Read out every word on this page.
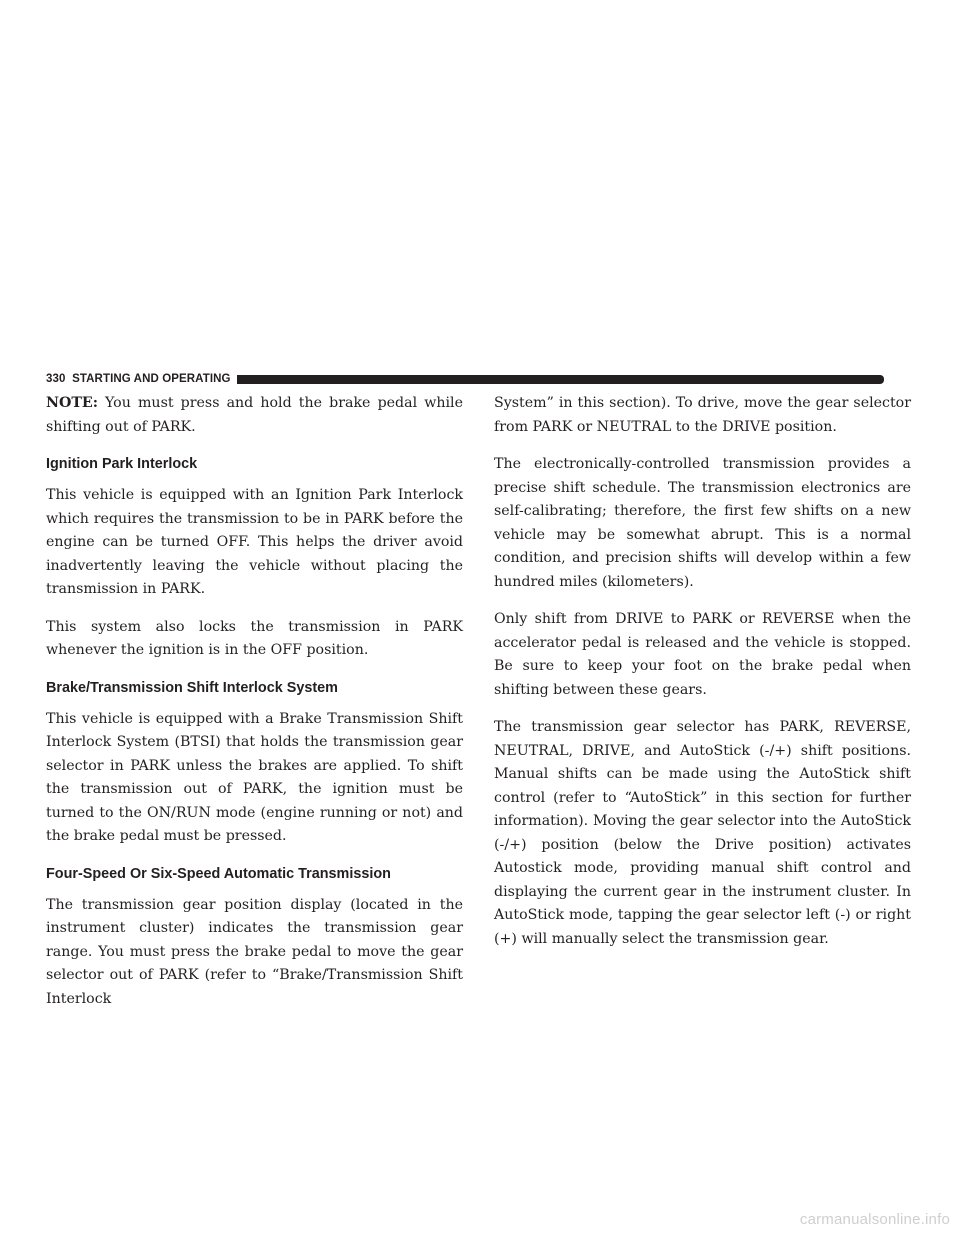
330 STARTING AND OPERATING

NOTE: You must press and hold the brake pedal while shifting out of PARK.

Ignition Park Interlock

This vehicle is equipped with an Ignition Park Interlock which requires the transmission to be in PARK before the engine can be turned OFF. This helps the driver avoid inadvertently leaving the vehicle without placing the transmission in PARK.

This system also locks the transmission in PARK whenever the ignition is in the OFF position.

Brake/Transmission Shift Interlock System

This vehicle is equipped with a Brake Transmission Shift Interlock System (BTSI) that holds the transmission gear selector in PARK unless the brakes are applied. To shift the transmission out of PARK, the ignition must be turned to the ON/RUN mode (engine running or not) and the brake pedal must be pressed.

Four-Speed Or Six-Speed Automatic Transmission

The transmission gear position display (located in the instrument cluster) indicates the transmission gear range. You must press the brake pedal to move the gear selector out of PARK (refer to “Brake/Transmission Shift Interlock

System” in this section). To drive, move the gear selector from PARK or NEUTRAL to the DRIVE position.

The electronically-controlled transmission provides a precise shift schedule. The transmission electronics are self-calibrating; therefore, the first few shifts on a new vehicle may be somewhat abrupt. This is a normal condition, and precision shifts will develop within a few hundred miles (kilometers).

Only shift from DRIVE to PARK or REVERSE when the accelerator pedal is released and the vehicle is stopped. Be sure to keep your foot on the brake pedal when shifting between these gears.

The transmission gear selector has PARK, REVERSE, NEUTRAL, DRIVE, and AutoStick (-/+) shift positions. Manual shifts can be made using the AutoStick shift control (refer to “AutoStick” in this section for further information). Moving the gear selector into the AutoStick (-/+) position (below the Drive position) activates Autostick mode, providing manual shift control and displaying the current gear in the instrument cluster. In AutoStick mode, tapping the gear selector left (-) or right (+) will manually select the transmission gear.

carmanualsonline.info
